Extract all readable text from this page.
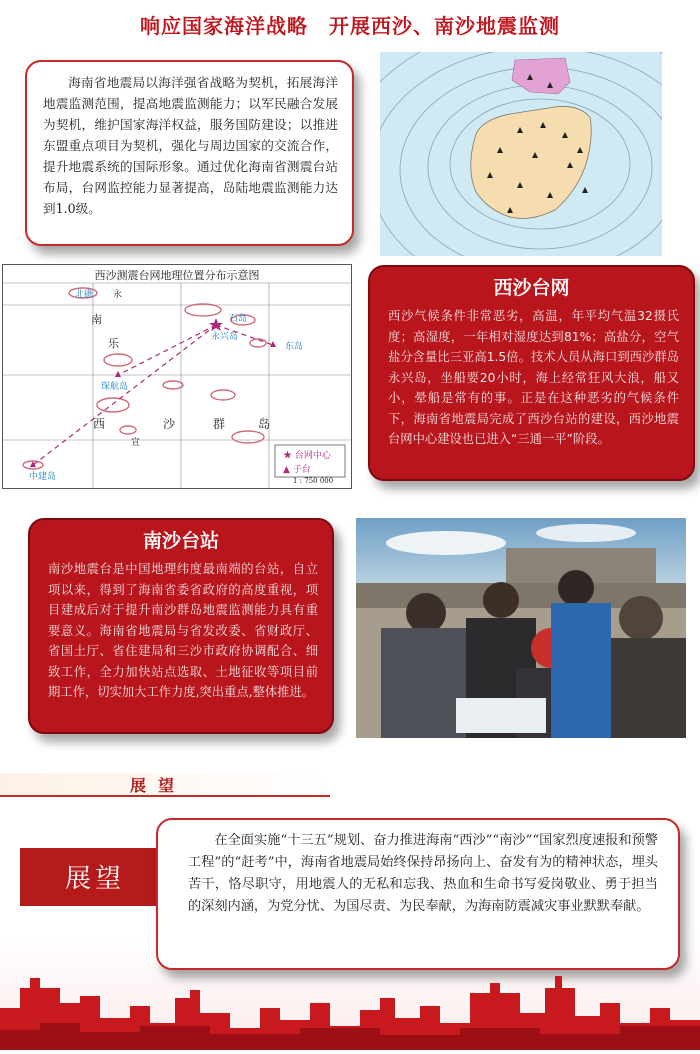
响应国家海洋战略　开展西沙、南沙地震监测
海南省地震局以海洋强省战略为契机，拓展海洋地震监测范围，提高地震监测能力；以军民融合发展为契机，维护国家海洋权益，服务国防建设；以推进东盟重点项目为契机，强化与周边国家的交流合作，提升地震系统的国际形象。通过优化海南省测震台站布局，台网监控能力显著提高，岛陆地震监测能力达到1.0级。
西沙测震台网地理位置分布示意图
北礁 永
南
乐	永兴岛
石岛
东岛
琛航岛
中建岛
西	沙	群	岛
宣
★ 台网中心
▲ 子台
1 : 750 000
西沙台网
西沙气候条件非常恶劣，高温，年平均气温32摄氏度；高湿度，一年相对湿度达到81%；高盐分，空气盐分含量比三亚高1.5倍。技术人员从海口到西沙群岛永兴岛，坐船要20小时，海上经常狂风大浪，船又小，晕船是常有的事。正是在这种恶劣的气候条件下，海南省地震局完成了西沙台站的建设，西沙地震台网中心建设也已进入“三通一平”阶段。
南沙台站
南沙地震台是中国地理纬度最南端的台站，自立项以来，得到了海南省委省政府的高度重视，项目建成后对于提升南沙群岛地震监测能力具有重要意义。海南省地震局与省发改委、省财政厅、省国土厅、省住建局和三沙市政府协调配合、细致工作，全力加快站点选取、土地征收等项目前期工作，切实加大工作力度,突出重点,整体推进。
展望
展望
在全面实施“十三五”规划、奋力推进海南“西沙”“南沙”“国家烈度速报和预警工程”的“赶考”中，海南省地震局始终保持昂扬向上、奋发有为的精神状态，埋头苦干，恪尽职守，用地震人的无私和忘我、热血和生命书写爱岗敬业、勇于担当的深刻内涵，为党分忧、为国尽责、为民奉献，为海南防震减灾事业默默奉献。
